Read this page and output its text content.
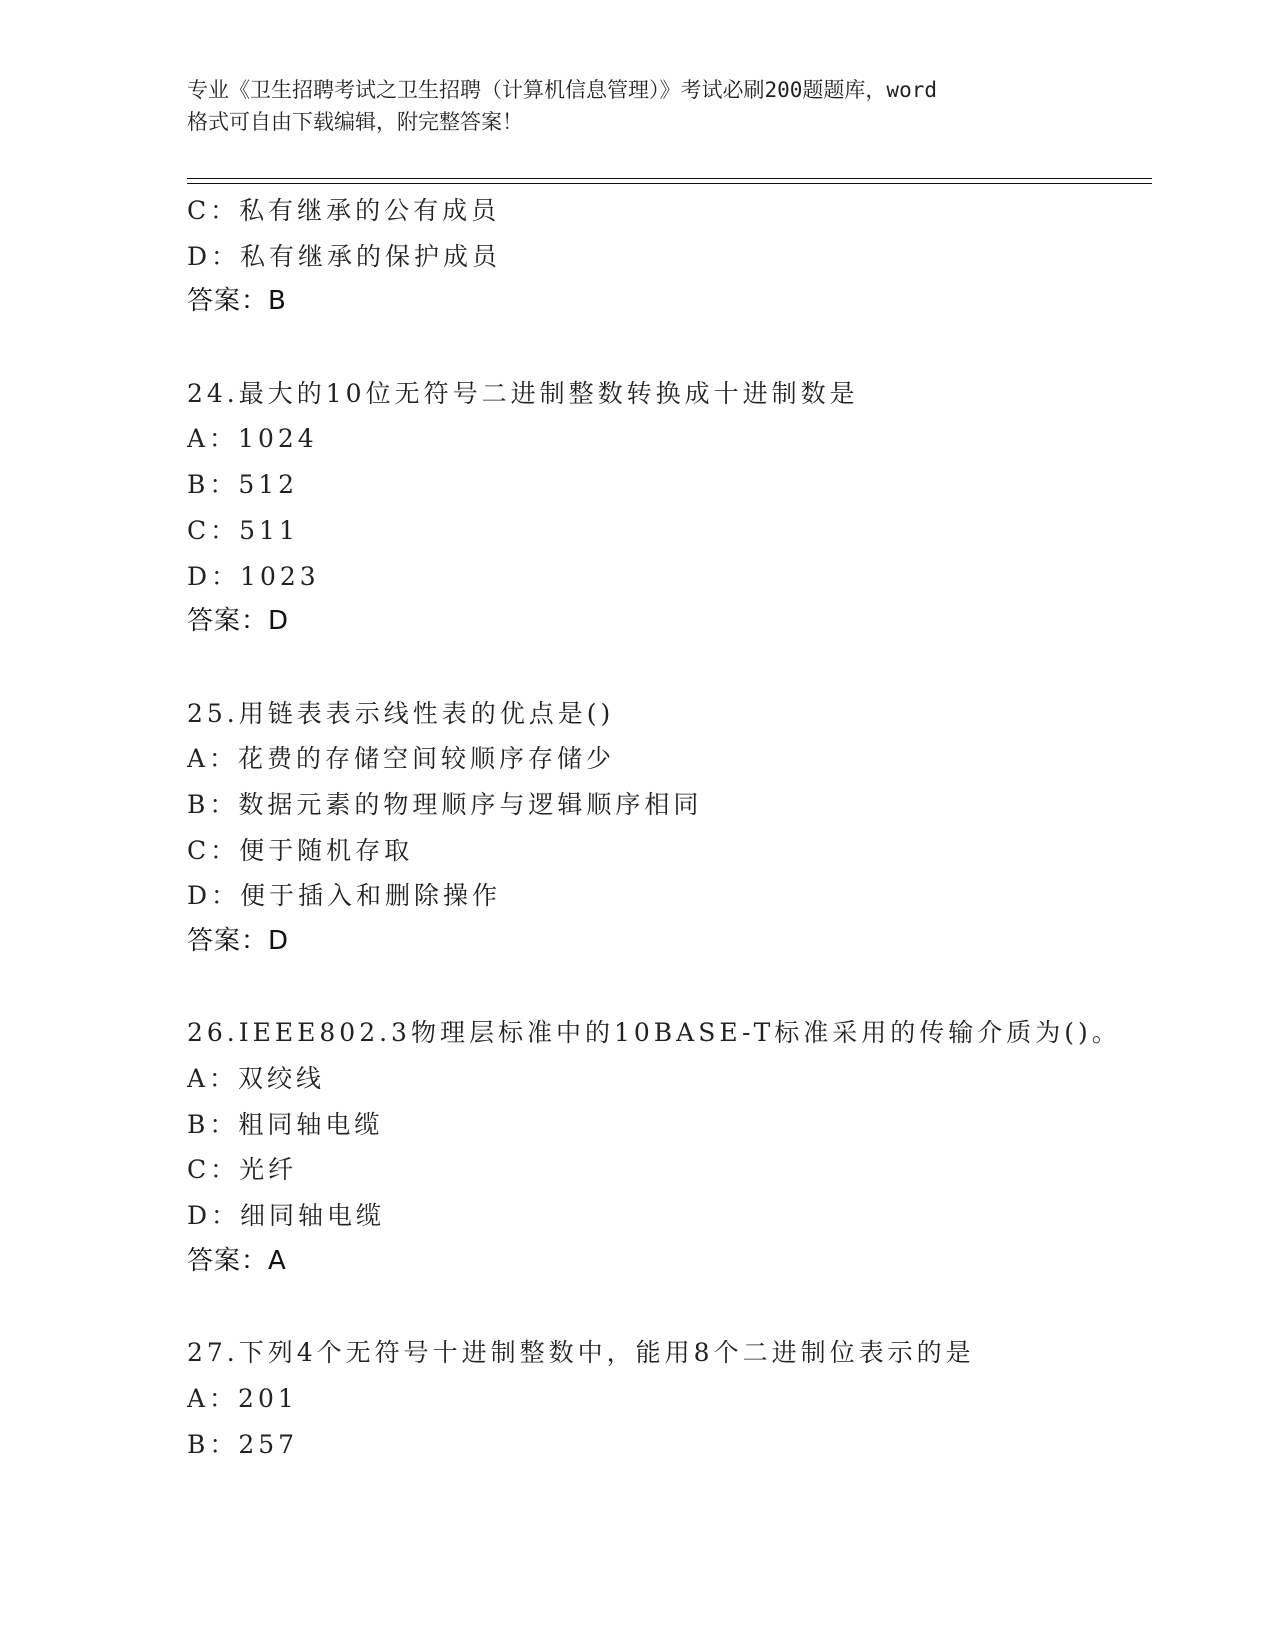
专业《卫生招聘考试之卫生招聘（计算机信息管理）》考试必刷200题题库，word
格式可自由下载编辑，附完整答案！
C：私有继承的公有成员
D：私有继承的保护成员
答案：B
24.最大的10位无符号二进制整数转换成十进制数是
A：1024
B：512
C：511
D：1023
答案：D
25.用链表表示线性表的优点是()
A：花费的存储空间较顺序存储少
B：数据元素的物理顺序与逻辑顺序相同
C：便于随机存取
D：便于插入和删除操作
答案：D
26.IEEE802.3物理层标准中的10BASE-T标准采用的传输介质为()。
A：双绞线
B：粗同轴电缆
C：光纤
D：细同轴电缆
答案：A
27.下列4个无符号十进制整数中，能用8个二进制位表示的是
A：201
B：257
